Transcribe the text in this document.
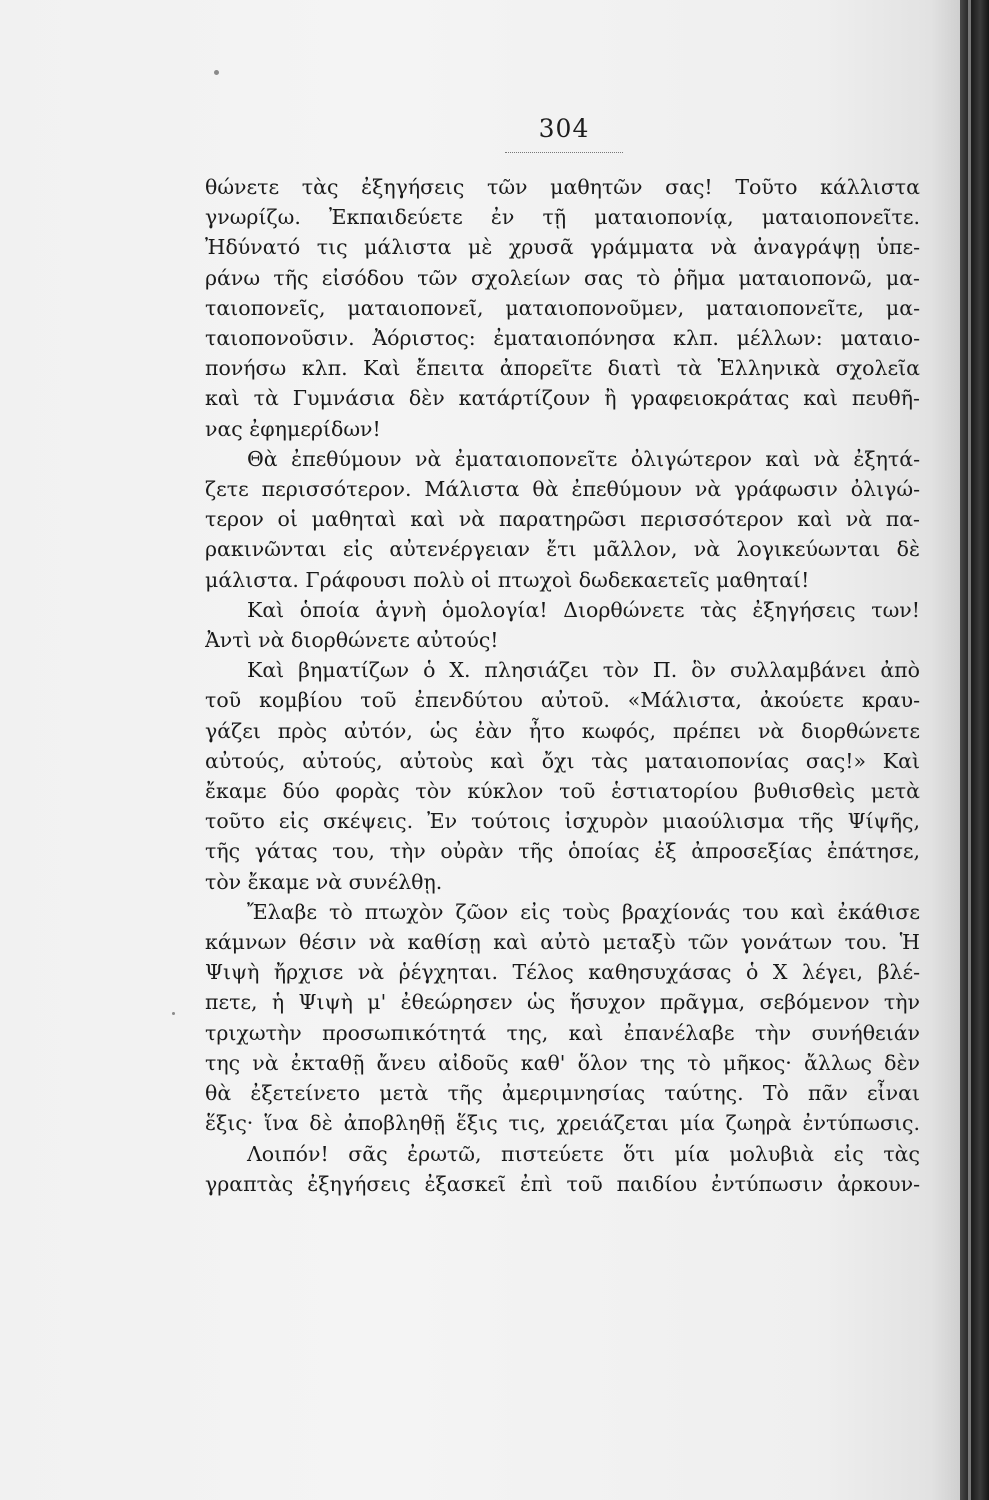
304
θώνετε τὰς ἐξηγήσεις τῶν μαθητῶν σας! Τοῦτο κάλλιστα
γνωρίζω. Ἐκπαιδεύετε ἐν τῇ ματαιοπονίᾳ, ματαιοπονεῖτε.
Ἠδύνατό τις μάλιστα μὲ χρυσᾶ γράμματα νὰ ἀναγράψῃ ὑπε-
ράνω τῆς εἰσόδου τῶν σχολείων σας τὸ ῥῆμα ματαιοπονῶ, μα-
ταιοπονεῖς, ματαιοπονεῖ, ματαιοπονοῦμεν, ματαιοπονεῖτε, μα-
ταιοπονοῦσιν. Ἀόριστος: ἐματαιοπόνησα κλπ. μέλλων: ματαιο-
πονήσω κλπ. Καὶ ἔπειτα ἀπορεῖτε διατὶ τὰ Ἑλληνικὰ σχολεῖα
καὶ τὰ Γυμνάσια δὲν κατάρτίζουν ἢ γραφειοκράτας καὶ πευθῆ-
νας ἐφημερίδων!
Θὰ ἐπεθύμουν νὰ ἐματαιοπονεῖτε ὀλιγώτερον καὶ νὰ ἐξητά-
ζετε περισσότερον. Μάλιστα θὰ ἐπεθύμουν νὰ γράφωσιν ὀλιγώ-
τερον οἱ μαθηταὶ καὶ νὰ παρατηρῶσι περισσότερον καὶ νὰ πα-
ρακινῶνται εἰς αὐτενέργειαν ἔτι μᾶλλον, νὰ λογικεύωνται δὲ
μάλιστα. Γράφουσι πολὺ οἱ πτωχοὶ δωδεκαετεῖς μαθηταί!
Καὶ ὁποία ἁγνὴ ὁμολογία! Διορθώνετε τὰς ἐξηγήσεις των!
Ἀντὶ νὰ διορθώνετε αὐτούς!
Καὶ βηματίζων ὁ Χ. πλησιάζει τὸν Π. ὃν συλλαμβάνει ἀπὸ
τοῦ κομβίου τοῦ ἐπενδύτου αὐτοῦ. «Μάλιστα, ἀκούετε κραυ-
γάζει πρὸς αὐτόν, ὡς ἐὰν ἦτο κωφός, πρέπει νὰ διορθώνετε
αὐτούς, αὐτούς, αὐτοὺς καὶ ὄχι τὰς ματαιοπονίας σας!» Καὶ
ἔκαμε δύο φορὰς τὸν κύκλον τοῦ ἑστιατορίου βυθισθεὶς μετὰ
τοῦτο εἰς σκέψεις. Ἐν τούτοις ἰσχυρὸν μιαούλισμα τῆς Ψίψῆς,
τῆς γάτας του, τὴν οὐρὰν τῆς ὁποίας ἐξ ἀπροσεξίας ἐπάτησε,
τὸν ἔκαμε νὰ συνέλθῃ.
Ἔλαβε τὸ πτωχὸν ζῶον εἰς τοὺς βραχίονάς του καὶ ἐκάθισε
κάμνων θέσιν νὰ καθίσῃ καὶ αὐτὸ μεταξὺ τῶν γονάτων του. Ἡ
Ψιψὴ ἤρχισε νὰ ῥέγχηται. Τέλος καθησυχάσας ὁ Χ λέγει, βλέ-
πετε, ἡ Ψιψὴ μ' ἐθεώρησεν ὡς ἥσυχον πρᾶγμα, σεβόμενον τὴν
τριχωτὴν προσωπικότητά της, καὶ ἐπανέλαβε τὴν συνήθειάν
της νὰ ἐκταθῇ ἄνευ αἰδοῦς καθ' ὅλον της τὸ μῆκος· ἄλλως δὲν
θὰ ἐξετείνετο μετὰ τῆς ἀμεριμνησίας ταύτης. Τὸ πᾶν εἶναι
ἕξις· ἵνα δὲ ἀποβληθῇ ἕξις τις, χρειάζεται μία ζωηρὰ ἐντύπωσις.
Λοιπόν! σᾶς ἐρωτῶ, πιστεύετε ὅτι μία μολυβιὰ εἰς τὰς
γραπτὰς ἐξηγήσεις ἐξασκεῖ ἐπὶ τοῦ παιδίου ἐντύπωσιν ἀρκουν-
